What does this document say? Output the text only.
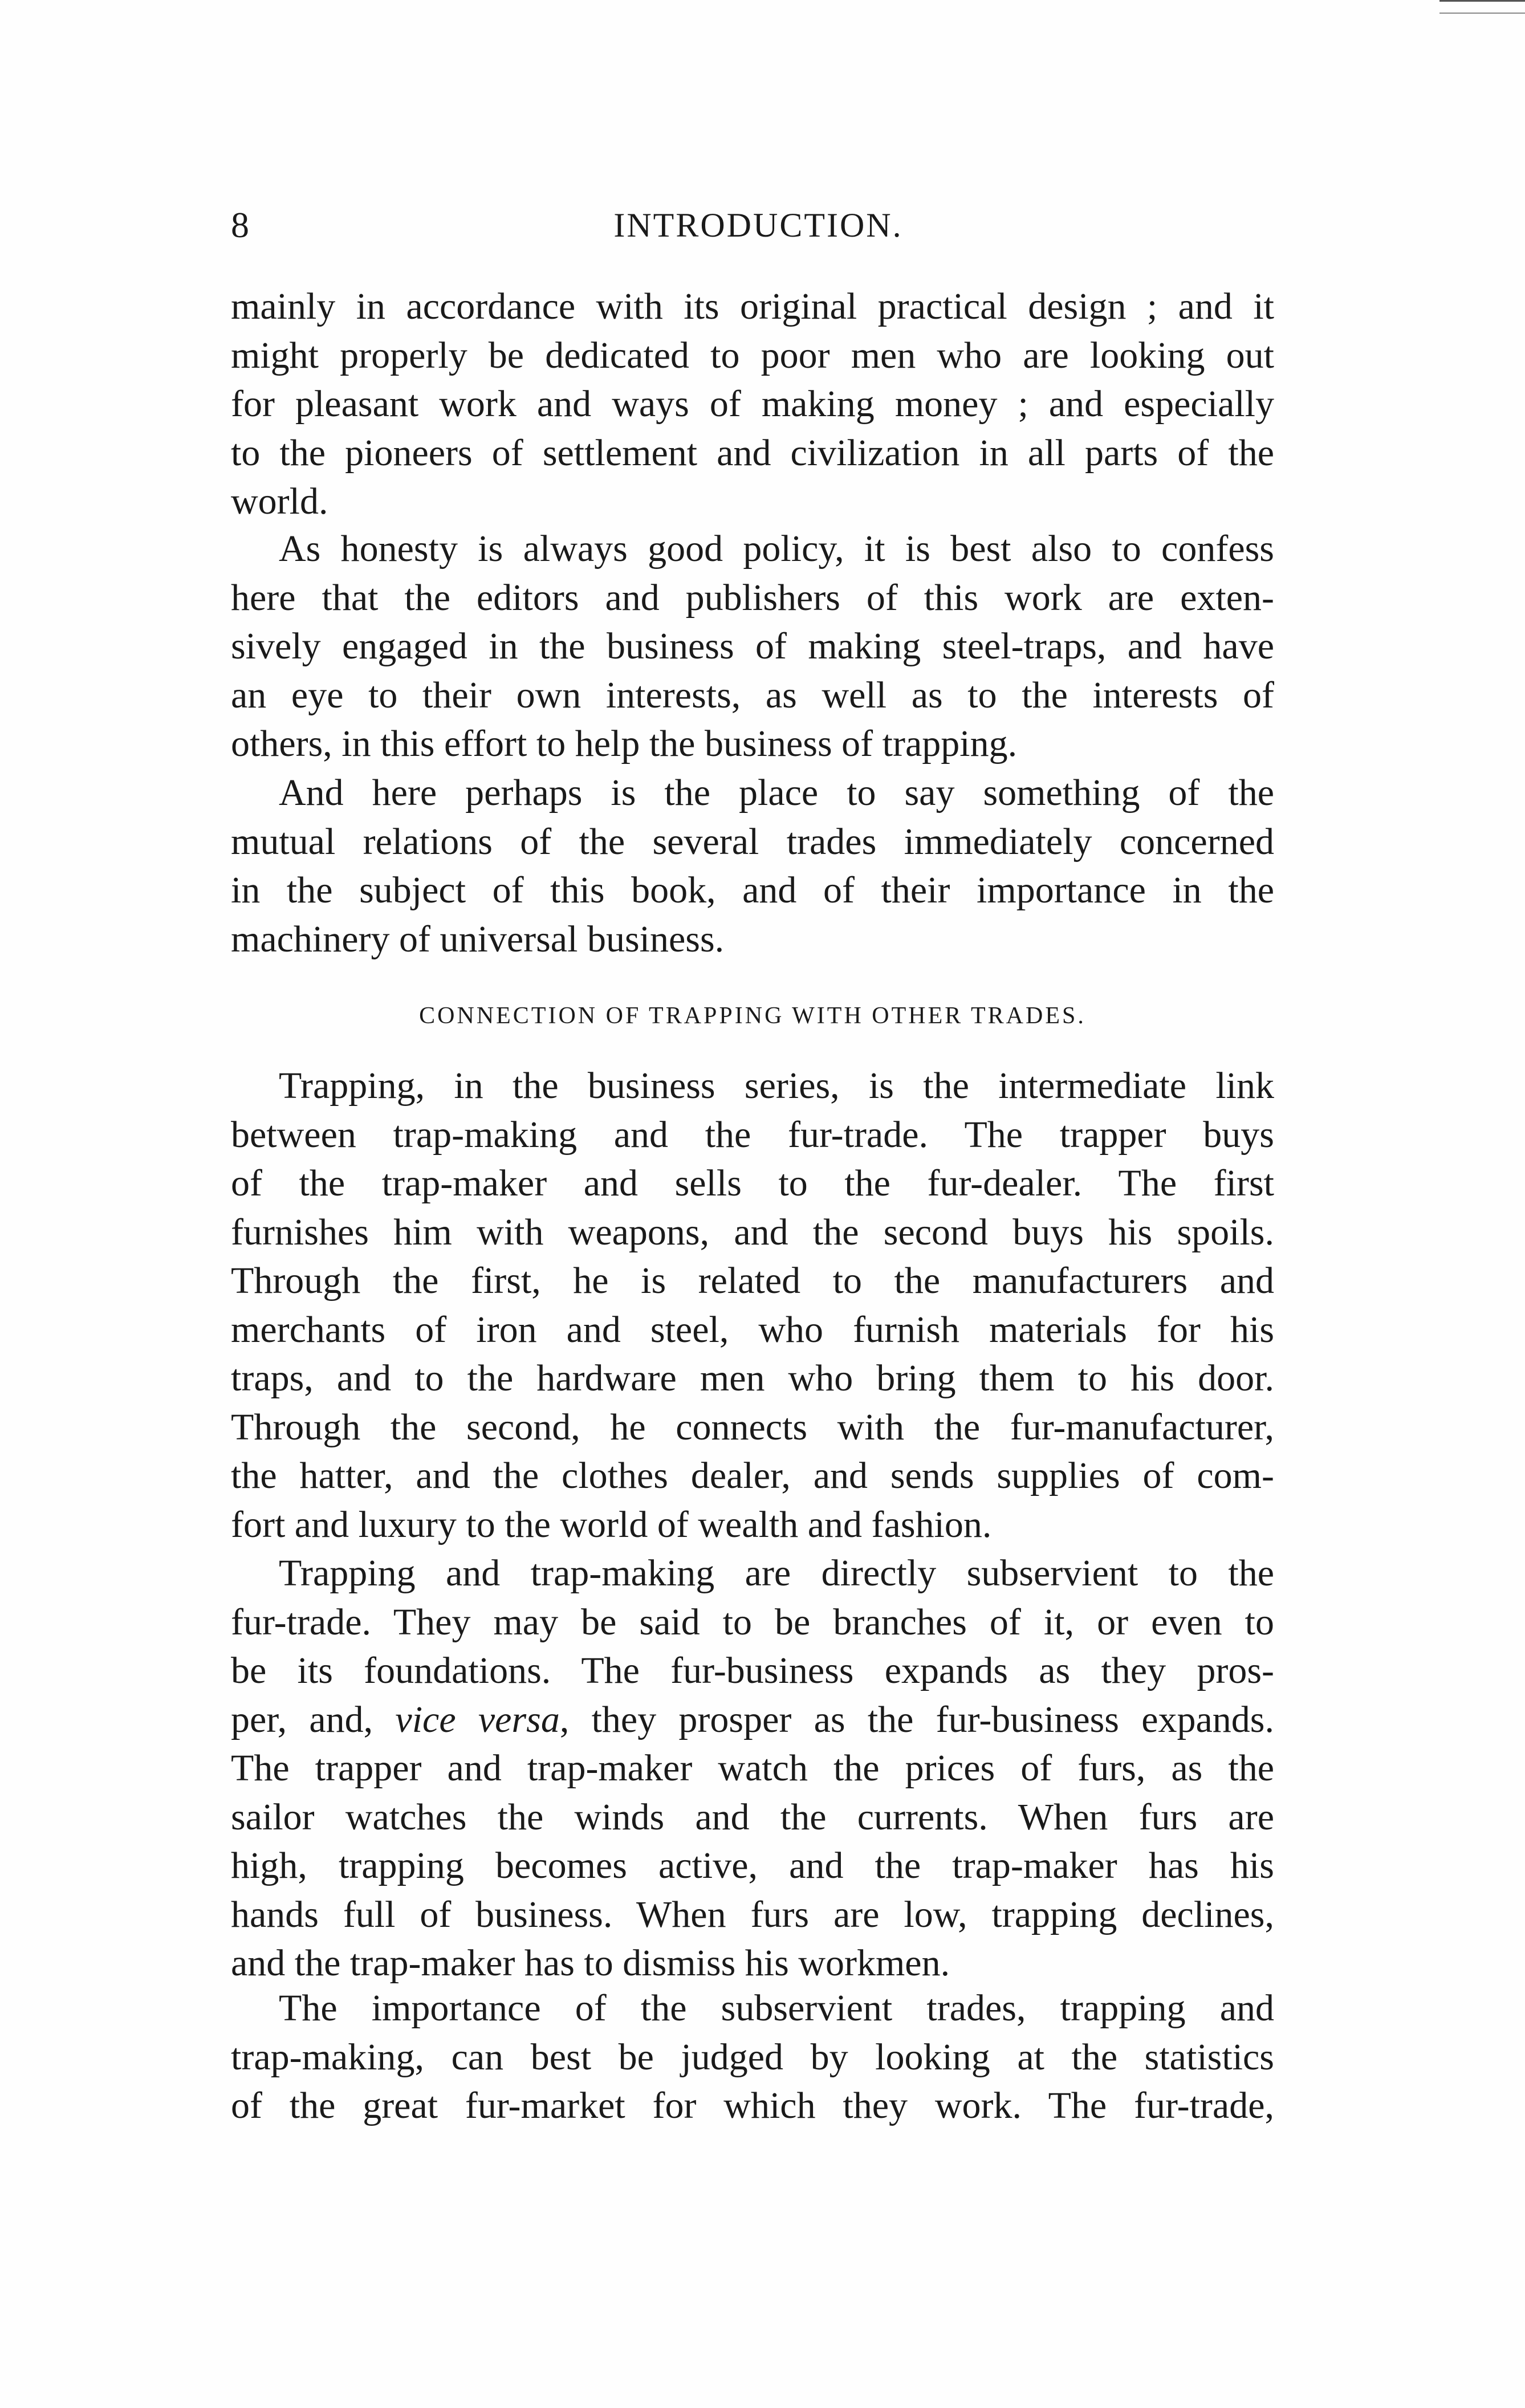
INTRODUCTION.
8
mainly in accordance with its original practical design ; and it
might properly be dedicated to poor men who are looking out
for pleasant work and ways of making money ; and especially
to the pioneers of settlement and civilization in all parts of the
world.
As honesty is always good policy, it is best also to confess
here that the editors and publishers of this work are exten-
sively engaged in the business of making steel-traps, and have
an eye to their own interests, as well as to the interests of
others, in this effort to help the business of trapping.
And here perhaps is the place to say something of the
mutual relations of the several trades immediately concerned
in the subject of this book, and of their importance in the
machinery of universal business.
CONNECTION OF TRAPPING WITH OTHER TRADES.
Trapping, in the business series, is the intermediate link
between trap-making and the fur-trade. The trapper buys
of the trap-maker and sells to the fur-dealer. The first
furnishes him with weapons, and the second buys his spoils.
Through the first, he is related to the manufacturers and
merchants of iron and steel, who furnish materials for his
traps, and to the hardware men who bring them to his door.
Through the second, he connects with the fur-manufacturer,
the hatter, and the clothes dealer, and sends supplies of com-
fort and luxury to the world of wealth and fashion.
Trapping and trap-making are directly subservient to the
fur-trade. They may be said to be branches of it, or even to
be its foundations. The fur-business expands as they pros-
per, and, vice versa, they prosper as the fur-business expands.
The trapper and trap-maker watch the prices of furs, as the
sailor watches the winds and the currents. When furs are
high, trapping becomes active, and the trap-maker has his
hands full of business. When furs are low, trapping declines,
and the trap-maker has to dismiss his workmen.
The importance of the subservient trades, trapping and
trap-making, can best be judged by looking at the statistics
of the great fur-market for which they work. The fur-trade,
